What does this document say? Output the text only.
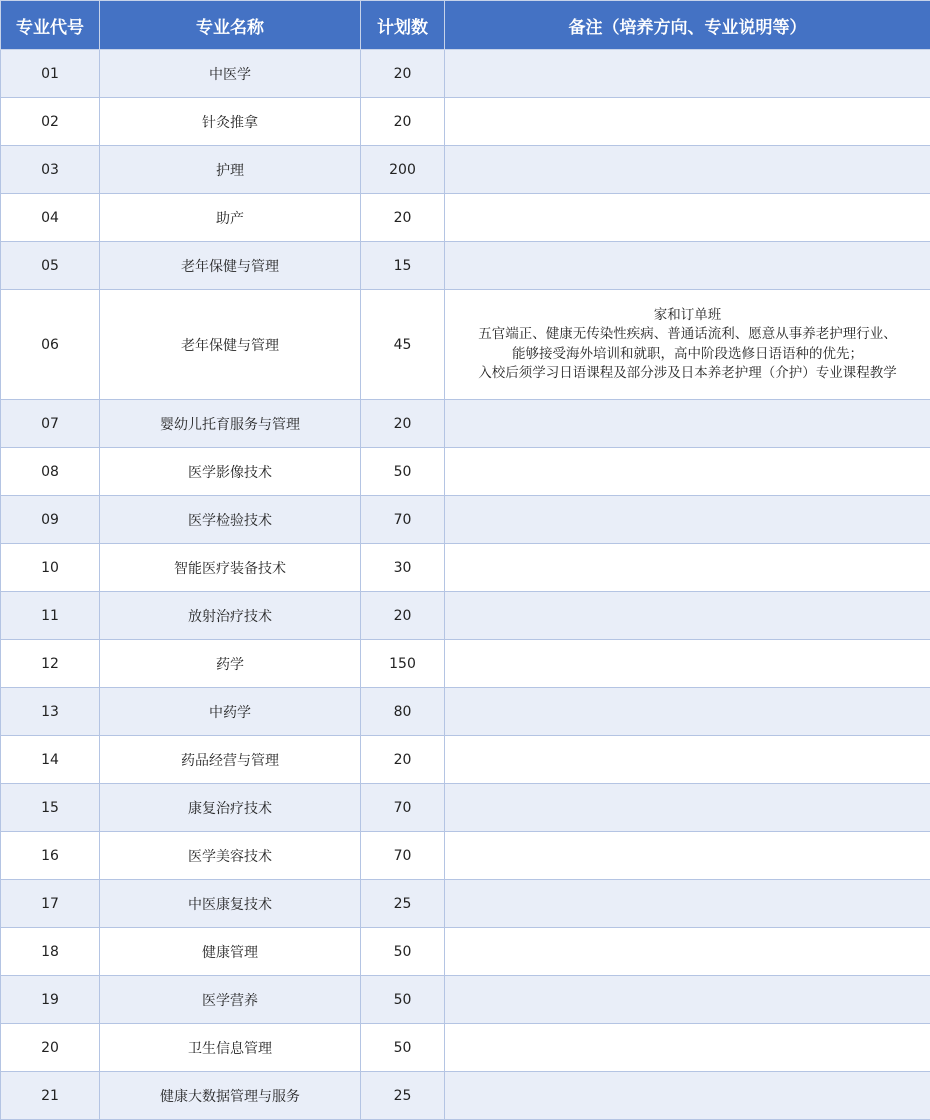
专业代号	专业名称	计划数	备注（培养方向、专业说明等）
01	中医学	20	
02	针灸推拿	20	
03	护理	200	
04	助产	20	
05	老年保健与管理	15	
06	老年保健与管理	45	家和订单班
五官端正、健康无传染性疾病、普通话流利、愿意从事养老护理行业、
能够接受海外培训和就职，高中阶段选修日语语种的优先；
入校后须学习日语课程及部分涉及日本养老护理（介护）专业课程教学

07	婴幼儿托育服务与管理	20	
08	医学影像技术	50	
09	医学检验技术	70	
10	智能医疗装备技术	30	
11	放射治疗技术	20	
12	药学	150	
13	中药学	80	
14	药品经营与管理	20	
15	康复治疗技术	70	
16	医学美容技术	70	
17	中医康复技术	25	
18	健康管理	50	
19	医学营养	50	
20	卫生信息管理	50	
21	健康大数据管理与服务	25	
